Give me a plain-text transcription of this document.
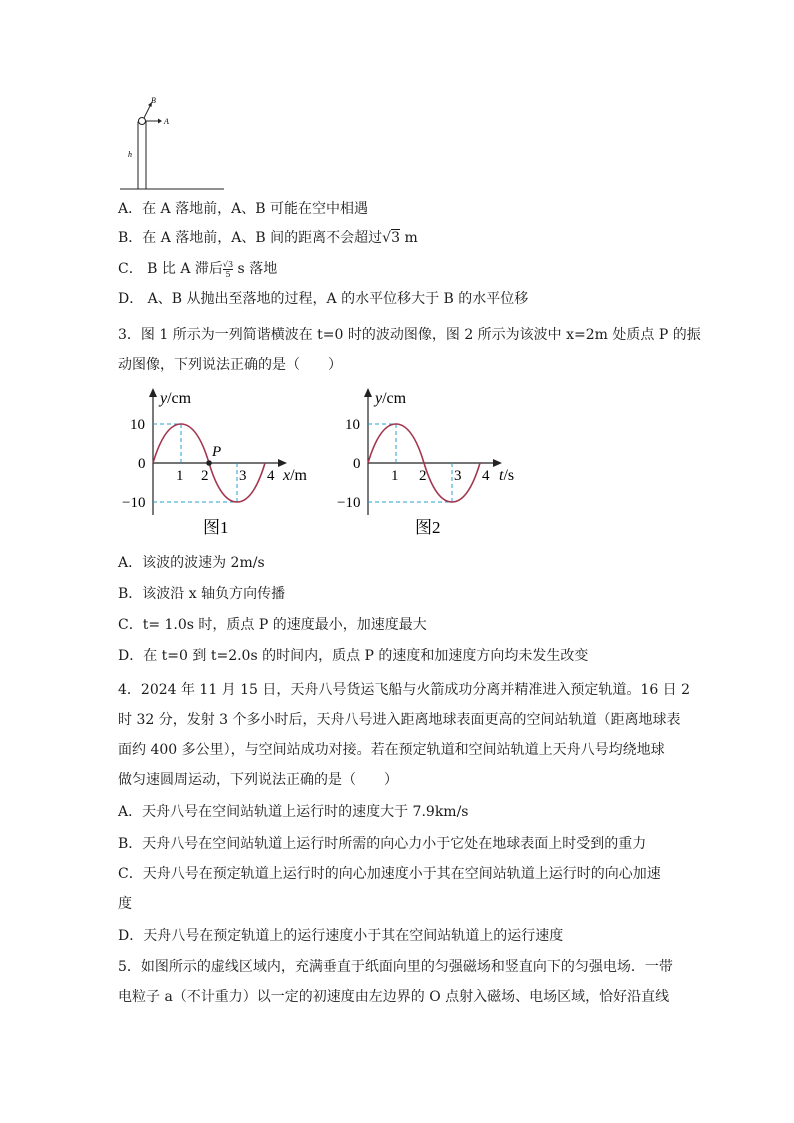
B
A
h
A．在 A 落地前，A、B 可能在空中相遇
B．在 A 落地前，A、B 间的距离不会超过√3 m
C． B 比 A 滞后 $\frac{√3}{5}$ s 落地
D． A、B 从抛出至落地的过程，A 的水平位移大于 B 的水平位移
3．图 1 所示为一列简谐横波在 t=0 时的波动图像，图 2 所示为该波中 x=2m 处质点 P 的振
动图像，下列说法正确的是（　　）
P
y/cm
10
0
−10
1 2 3 4 x/m
图1
y/cm
10
0
−10
1 2 3 4 t/s
图2
A．该波的波速为 2m/s
B．该波沿 x 轴负方向传播
C．t= 1.0s 时，质点 P 的速度最小，加速度最大
D．在 t=0 到 t=2.0s 的时间内，质点 P 的速度和加速度方向均未发生改变
4．2024 年 11 月 15 日，天舟八号货运飞船与火箭成功分离并精准进入预定轨道。16 日 2
时 32 分，发射 3 个多小时后，天舟八号进入距离地球表面更高的空间站轨道（距离地球表
面约 400 多公里），与空间站成功对接。若在预定轨道和空间站轨道上天舟八号均绕地球
做匀速圆周运动，下列说法正确的是（　　）
A．天舟八号在空间站轨道上运行时的速度大于 7.9km/s
B．天舟八号在空间站轨道上运行时所需的向心力小于它处在地球表面上时受到的重力
C．天舟八号在预定轨道上运行时的向心加速度小于其在空间站轨道上运行时的向心加速
度
D．天舟八号在预定轨道上的运行速度小于其在空间站轨道上的运行速度
5．如图所示的虚线区域内，充满垂直于纸面向里的匀强磁场和竖直向下的匀强电场．一带
电粒子 a（不计重力）以一定的初速度由左边界的 O 点射入磁场、电场区域，恰好沿直线
